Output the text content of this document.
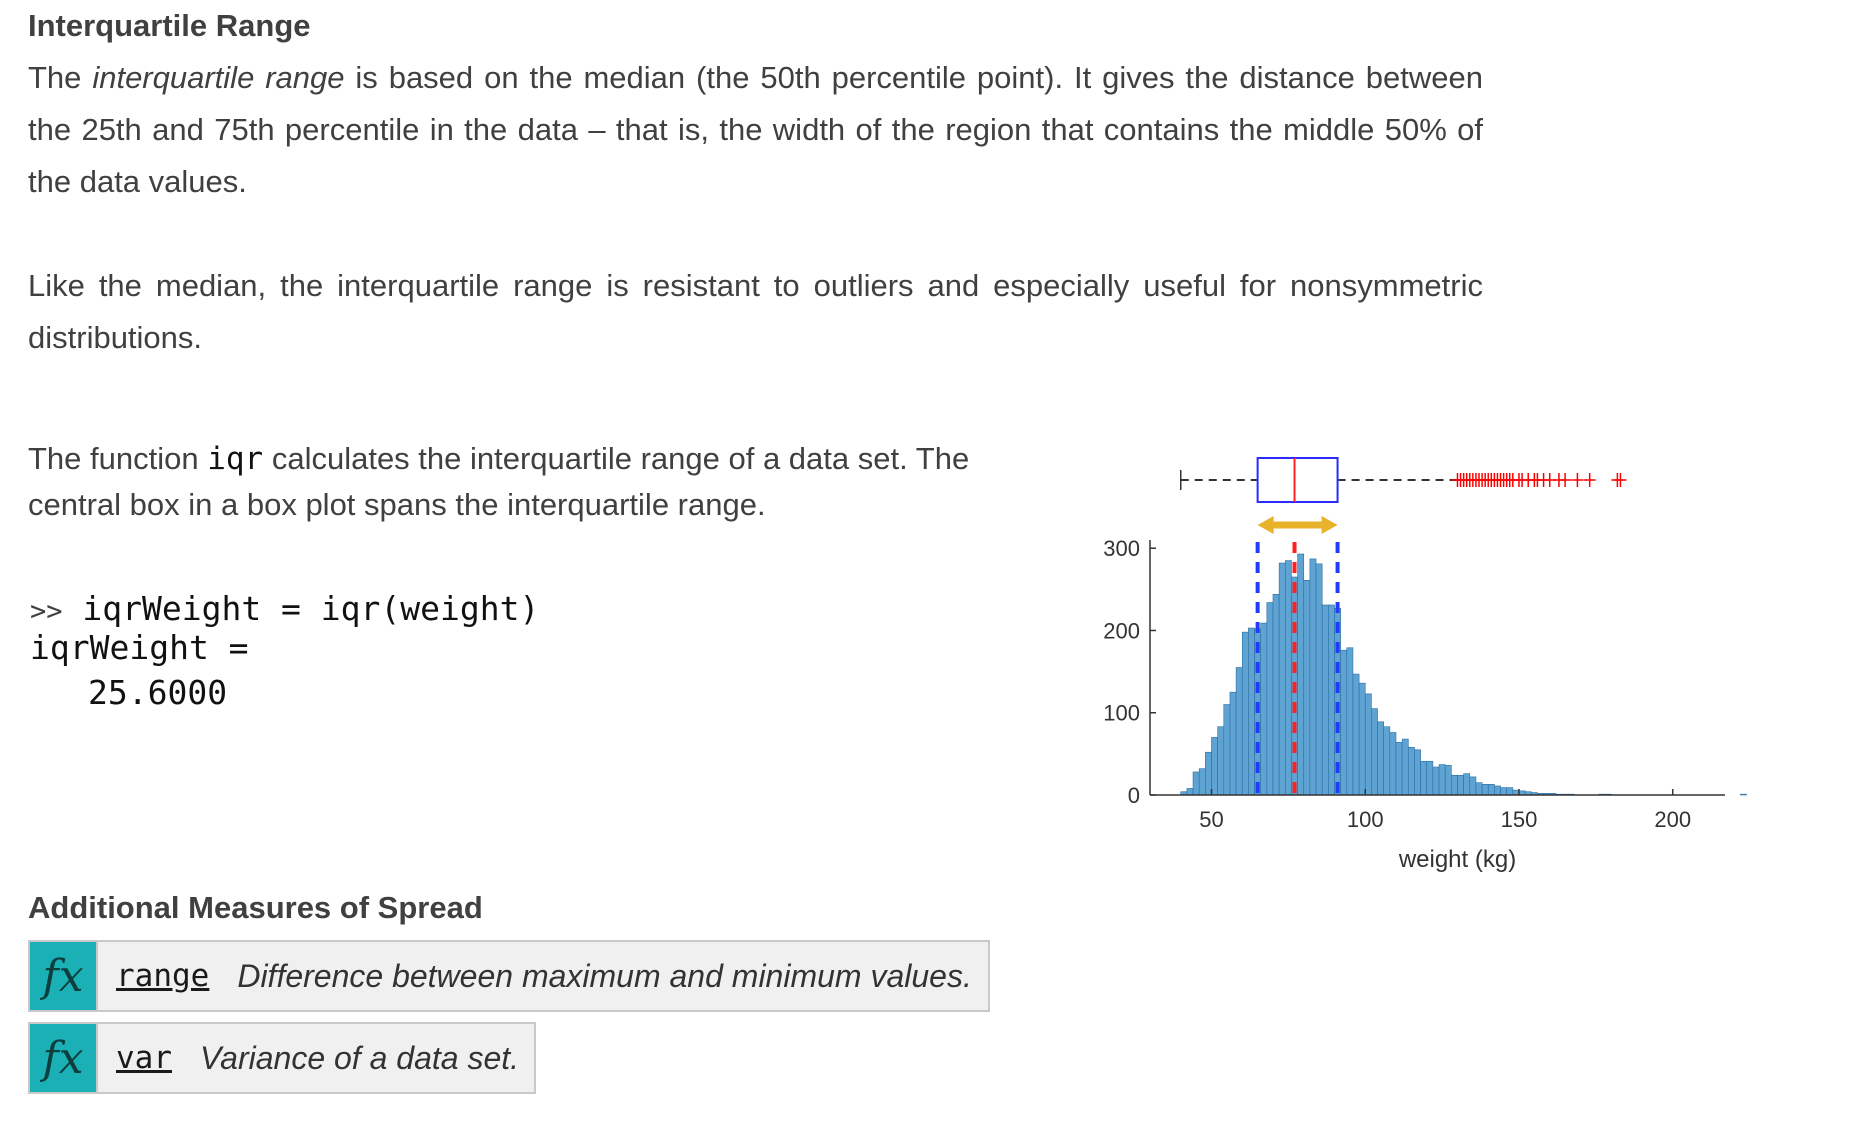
Interquartile Range
The interquartile range is based on the median (the 50th percentile point). It gives the distance between the 25th and 75th percentile in the data – that is, the width of the region that contains the middle 50% of the data values.
Like the median, the interquartile range is resistant to outliers and especially useful for nonsymmetric distributions.
The function iqr calculates the interquartile range of a data set. The central box in a box plot spans the interquartile range.
>> iqrWeight = iqr(weight)
iqrWeight =
25.6000
0
100
200
300
50	100	150	200
weight (kg)
Additional Measures of Spread
fx	range Difference between maximum and minimum values.
fx	var Variance of a data set.
